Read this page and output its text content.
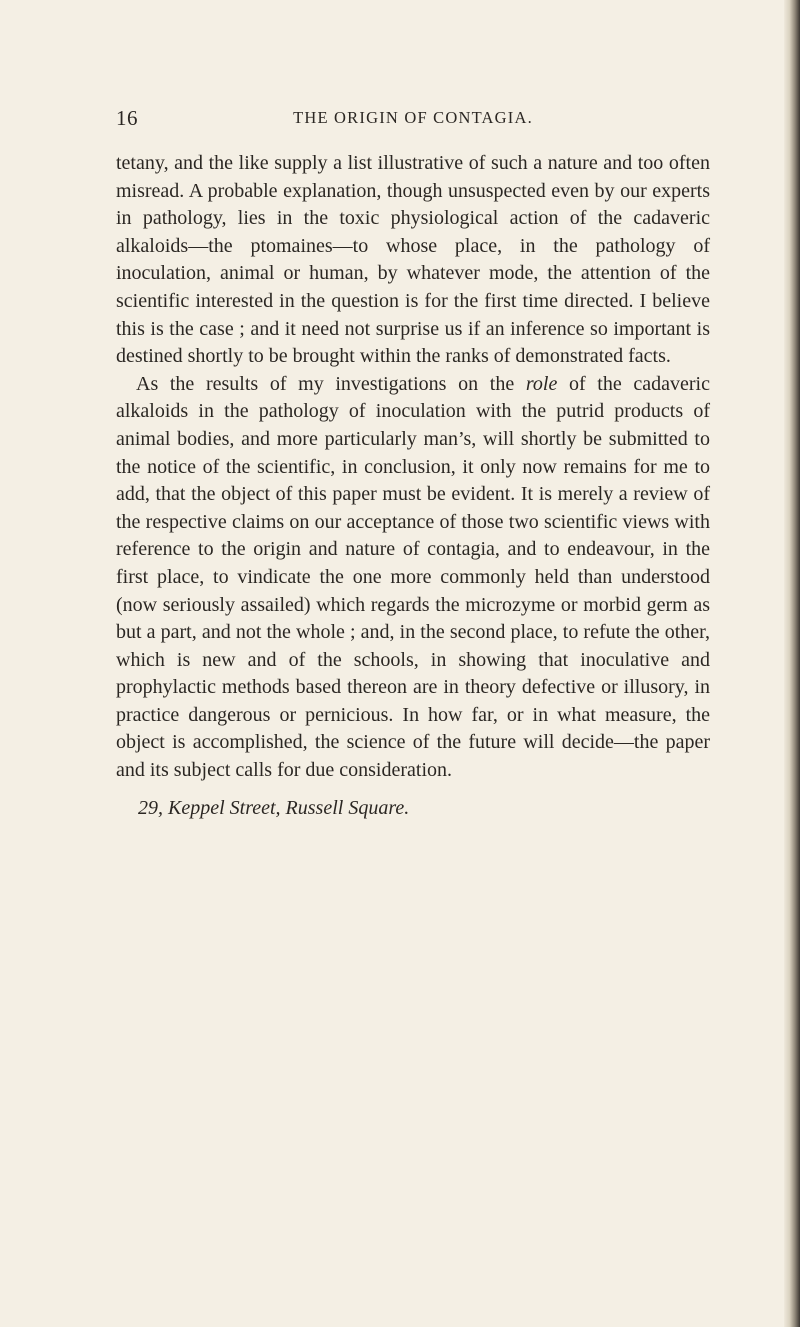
16	THE ORIGIN OF CONTAGIA.

tetany, and the like supply a list illustrative of such a nature and too often misread. A probable explanation, though unsuspected even by our experts in pathology, lies in the toxic physiological action of the cadaveric alkaloids—the ptomaines—to whose place, in the pathology of inoculation, animal or human, by whatever mode, the attention of the scientific interested in the question is for the first time directed. I believe this is the case ; and it need not surprise us if an inference so important is destined shortly to be brought within the ranks of demonstrated facts.

As the results of my investigations on the role of the cadaveric alkaloids in the pathology of inoculation with the putrid products of animal bodies, and more particularly man’s, will shortly be submitted to the notice of the scientific, in conclusion, it only now remains for me to add, that the object of this paper must be evident. It is merely a review of the respective claims on our acceptance of those two scientific views with reference to the origin and nature of contagia, and to endeavour, in the first place, to vindicate the one more commonly held than understood (now seriously assailed) which regards the microzyme or morbid germ as but a part, and not the whole ; and, in the second place, to refute the other, which is new and of the schools, in showing that inoculative and prophylactic methods based thereon are in theory defective or illusory, in practice dangerous or pernicious. In how far, or in what measure, the object is accomplished, the science of the future will decide—the paper and its subject calls for due consideration.

29, Keppel Street, Russell Square.
